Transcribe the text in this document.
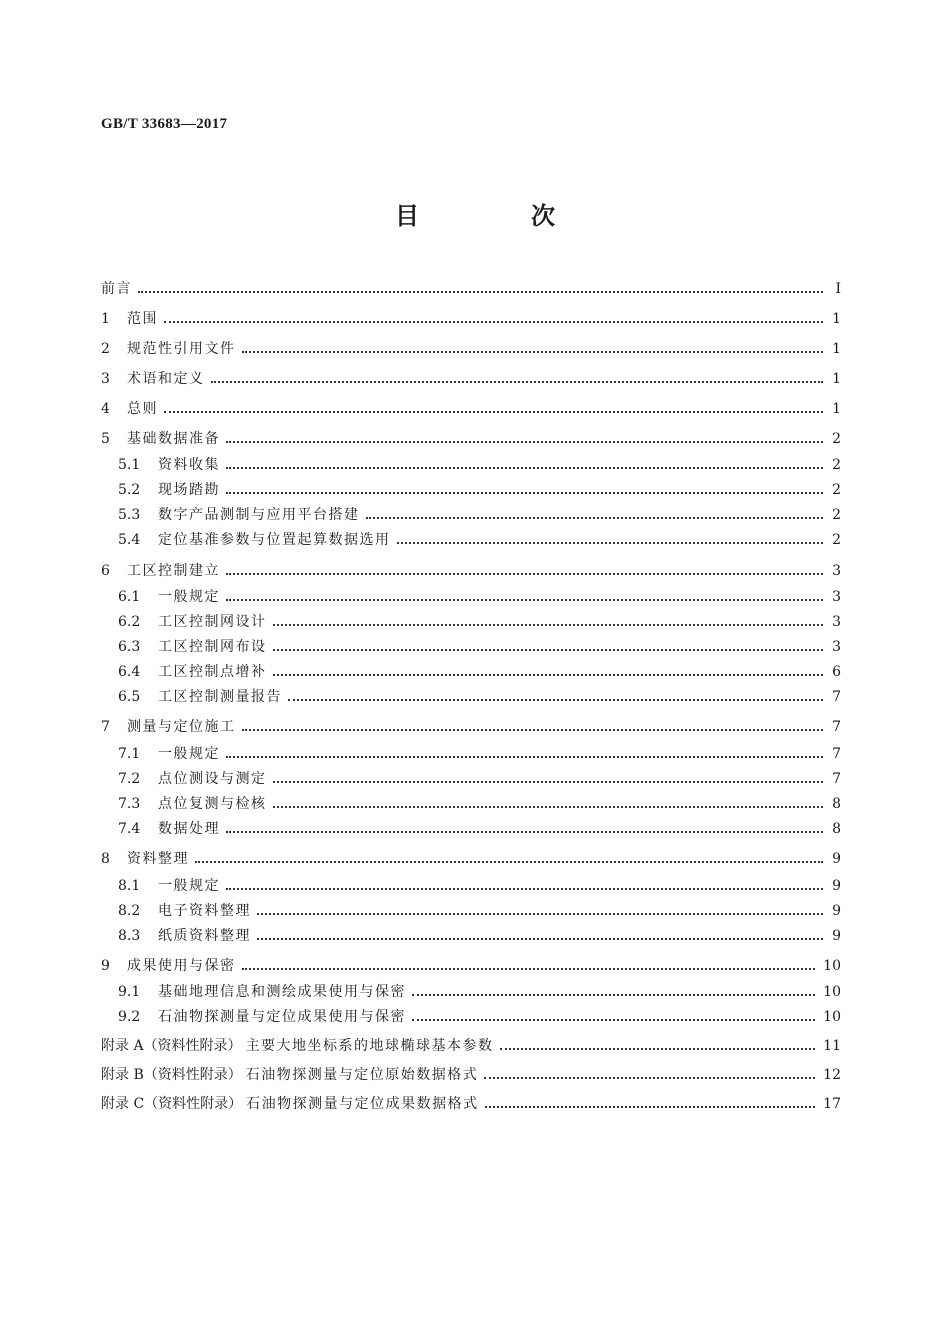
GB/T 33683—2017
目　次
前言	Ⅰ
1	范围	1
2	规范性引用文件	1
3	术语和定义	1
4	总则	1
5	基础数据准备	2
5.1	资料收集	2
5.2	现场踏勘	2
5.3	数字产品测制与应用平台搭建	2
5.4	定位基准参数与位置起算数据选用	2
6	工区控制建立	3
6.1	一般规定	3
6.2	工区控制网设计	3
6.3	工区控制网布设	3
6.4	工区控制点增补	6
6.5	工区控制测量报告	7
7	测量与定位施工	7
7.1	一般规定	7
7.2	点位测设与测定	7
7.3	点位复测与检核	8
7.4	数据处理	8
8	资料整理	9
8.1	一般规定	9
8.2	电子资料整理	9
8.3	纸质资料整理	9
9	成果使用与保密	10
9.1	基础地理信息和测绘成果使用与保密	10
9.2	石油物探测量与定位成果使用与保密	10
附录 A（资料性附录） 主要大地坐标系的地球椭球基本参数	11
附录 B（资料性附录） 石油物探测量与定位原始数据格式	12
附录 C（资料性附录） 石油物探测量与定位成果数据格式	17
